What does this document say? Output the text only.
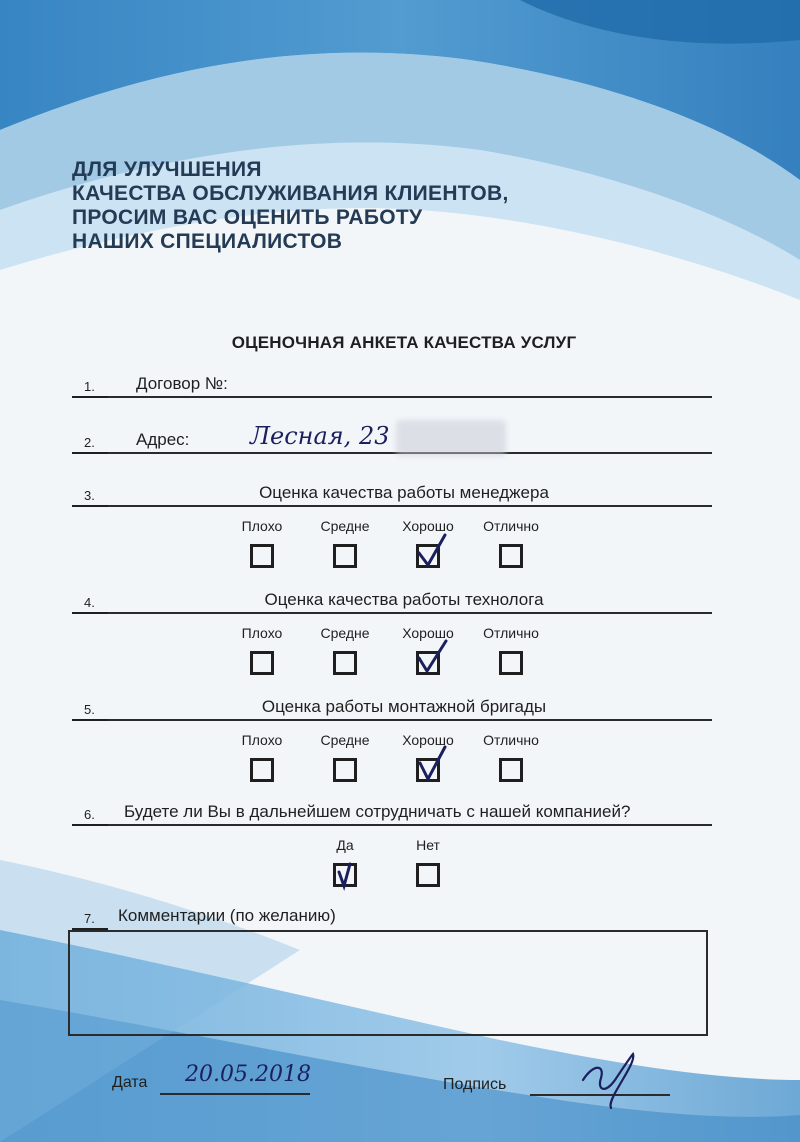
ДЛЯ УЛУЧШЕНИЯ
КАЧЕСТВА ОБСЛУЖИВАНИЯ КЛИЕНТОВ,
ПРОСИМ ВАС ОЦЕНИТЬ РАБОТУ
НАШИХ СПЕЦИАЛИСТОВ
ОЦЕНОЧНАЯ АНКЕТА КАЧЕСТВА УСЛУГ
1. Договор №:
2. Адрес:	Лесная, 23
3.	Оценка качества работы менеджера
Плохо	Средне	Хорошо	Отлично
4.	Оценка качества работы технолога
Плохо	Средне	Хорошо	Отлично
5.	Оценка работы монтажной бригады
Плохо	Средне	Хорошо	Отлично
6. Будете ли Вы в дальнейшем сотрудничать с нашей компанией?
Да	Нет
7. Комментарии (по желанию)
Дата 20.05.2018	Подпись
